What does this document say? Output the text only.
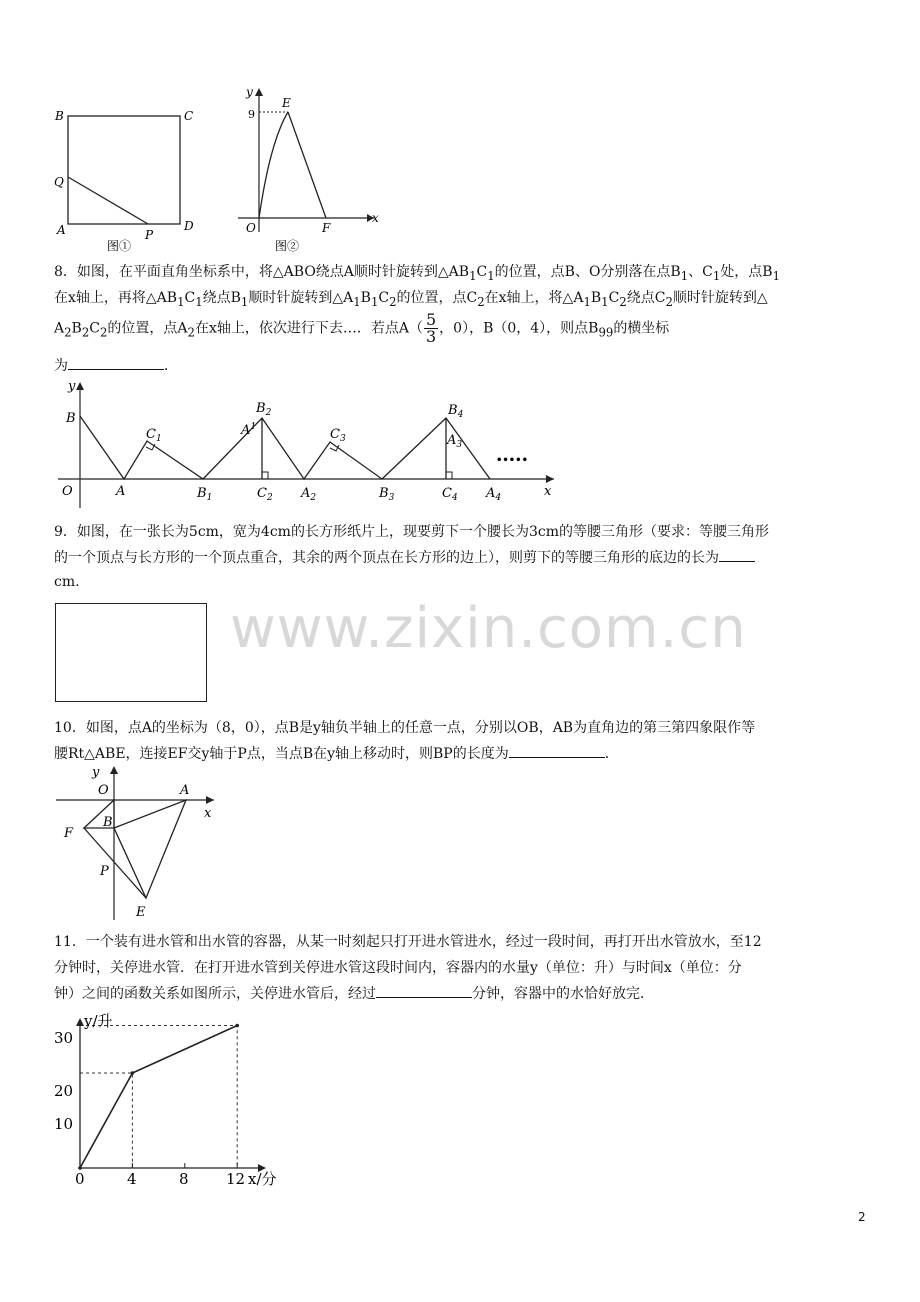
B	C
Q
A	P
D
图①
y
E
9
O	F
x
图②
8．如图，在平面直角坐标系中，将△ABO绕点A顺时针旋转到$\triangle AB_1C_1$的位置，点B、O分别落在点$B_1$、$C_1$处，点$B_1$
在x轴上，再将$\triangle AB_1C_1$绕点$B_1$顺时针旋转到$\triangle A_1B_1C_2$的位置，点$C_2$在x轴上，将$\triangle A_1B_1C_2$绕点$C_2$顺时针旋转到△
$A_2B_2C_2$的位置，点$A_2$在x轴上，依次进行下去…．若点$A( \frac{5}{3}$ ，0），B（0，4），则点$B_{99}$的横坐标
为	．
y
B
$C_1$
O	A	$B_1$
$B_2$
$A^1$
$C_2$ $A_2$
$C_3$
$B_3$
$B_4$
$A_3$
$C_4$ $A_4$	x
•••••
9．如图，在一张长为5cm，宽为4cm的长方形纸片上，现要剪下一个腰长为3cm的等腰三角形（要求：等腰三角形
的一个顶点与长方形的一个顶点重合，其余的两个顶点在长方形的边上），则剪下的等腰三角形的底边的长为
cm.
www.zixin.com.cn
10．如图，点A的坐标为（8，0），点B是y轴负半轴上的任意一点，分别以OB，AB为直角边的第三第四象限作等
腰Rt△ABE，连接EF交y轴于P点，当点B在y轴上移动时，则BP的长度为	．
y
O	A
x
F
B
P
E
11．一个装有进水管和出水管的容器，从某一时刻起只打开进水管进水，经过一段时间，再打开出水管放水，至12
分钟时，关停进水管．在打开进水管到关停进水管这段时间内，容器内的水量y（单位：升）与时间x（单位：分
钟）之间的函数关系如图所示，关停进水管后，经过	分钟，容器中的水恰好放完．
y/升
x/分
30
20
10
0	4	8 12
2
